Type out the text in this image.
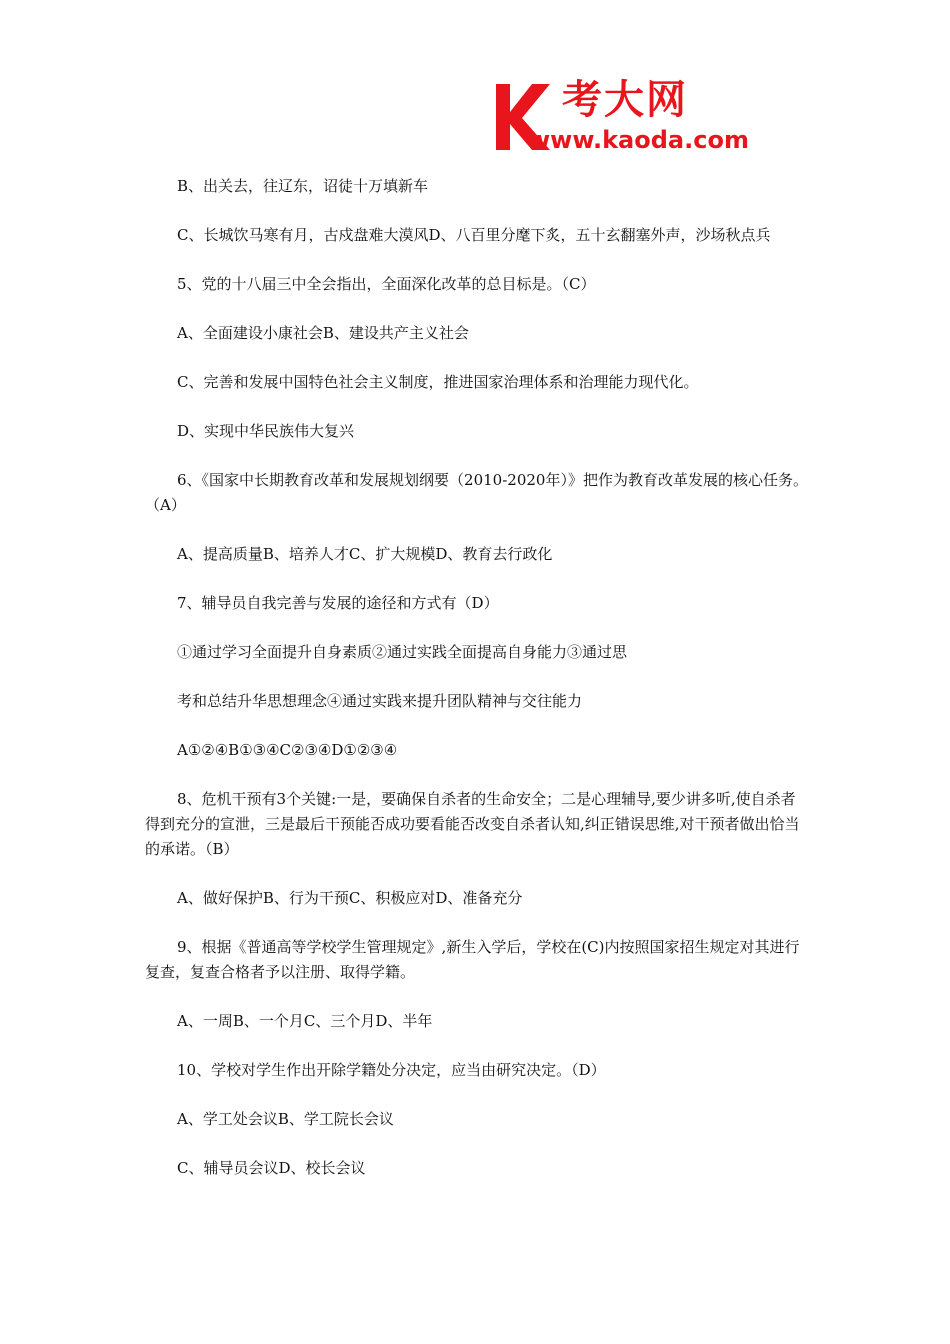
考大网
www.kaoda.com

B、出关去，往辽东，诏徒十万填新车

C、长城饮马寒有月，古戍盘难大漠风D、八百里分麾下炙，五十玄翻塞外声，沙场秋点兵

5、党的十八届三中全会指出，全面深化改革的总目标是。（C）

A、全面建设小康社会B、建设共产主义社会

C、完善和发展中国特色社会主义制度，推进国家治理体系和治理能力现代化。

D、实现中华民族伟大复兴

6、《国家中长期教育改革和发展规划纲要（2010-2020年）》把作为教育改革发展的核心任务。（A）

A、提高质量B、培养人才C、扩大规模D、教育去行政化

7、辅导员自我完善与发展的途径和方式有（D）

①通过学习全面提升自身素质②通过实践全面提高自身能力③通过思

考和总结升华思想理念④通过实践来提升团队精神与交往能力

A①②④B①③④C②③④D①②③④

8、危机干预有3个关键:一是，要确保自杀者的生命安全；二是心理辅导,要少讲多听,使自杀者得到充分的宣泄，三是最后干预能否成功要看能否改变自杀者认知,纠正错误思维,对干预者做出恰当的承诺。（B）

A、做好保护B、行为干预C、积极应对D、准备充分

9、根据《普通高等学校学生管理规定》,新生入学后，学校在(C)内按照国家招生规定对其进行复查，复查合格者予以注册、取得学籍。

A、一周B、一个月C、三个月D、半年

10、学校对学生作出开除学籍处分决定，应当由研究决定。（D）

A、学工处会议B、学工院长会议

C、辅导员会议D、校长会议
